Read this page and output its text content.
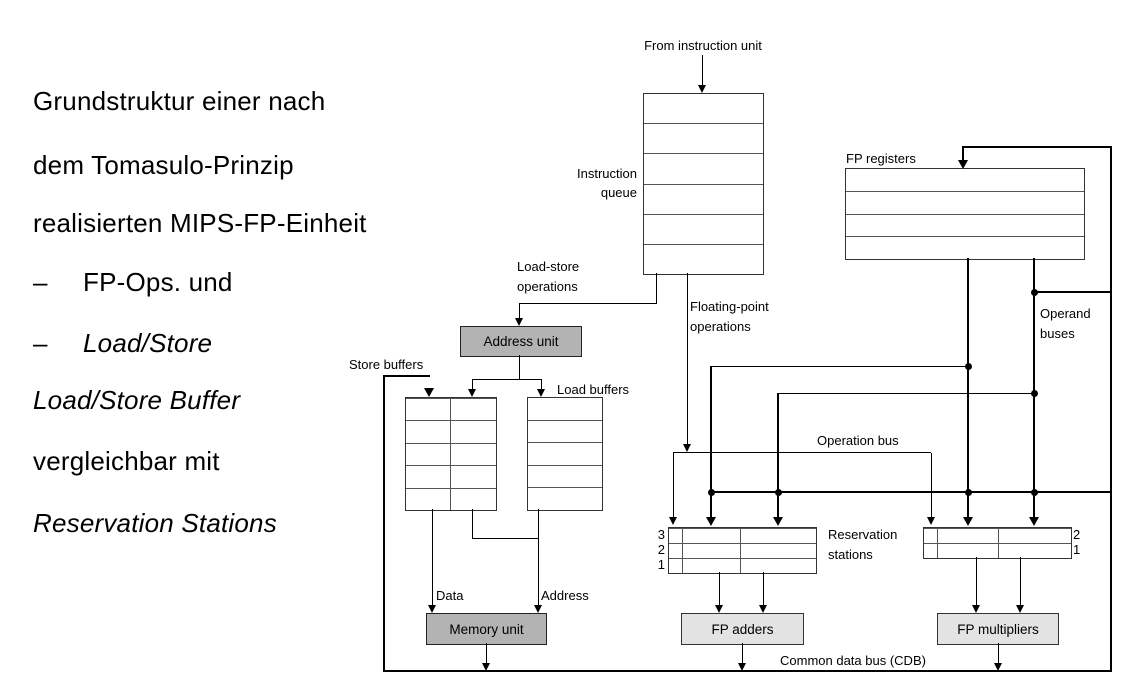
Grundstruktur einer nach
dem Tomasulo-Prinzip
realisierten MIPS-FP-Einheit
– FP-Ops. und
– Load/Store
Load/Store Buffer
vergleichbar mit
Reservation Stations
From instruction unit
Instruction
queue
Load-store
operations
Address unit
Store buffers
Load buffers
Data	Address
Memory unit
Floating-point
operations
Operation bus
FP registers
Operand
buses
3
2
1
Reservation
stations
2
1
FP adders	FP multipliers
Common data bus (CDB)
